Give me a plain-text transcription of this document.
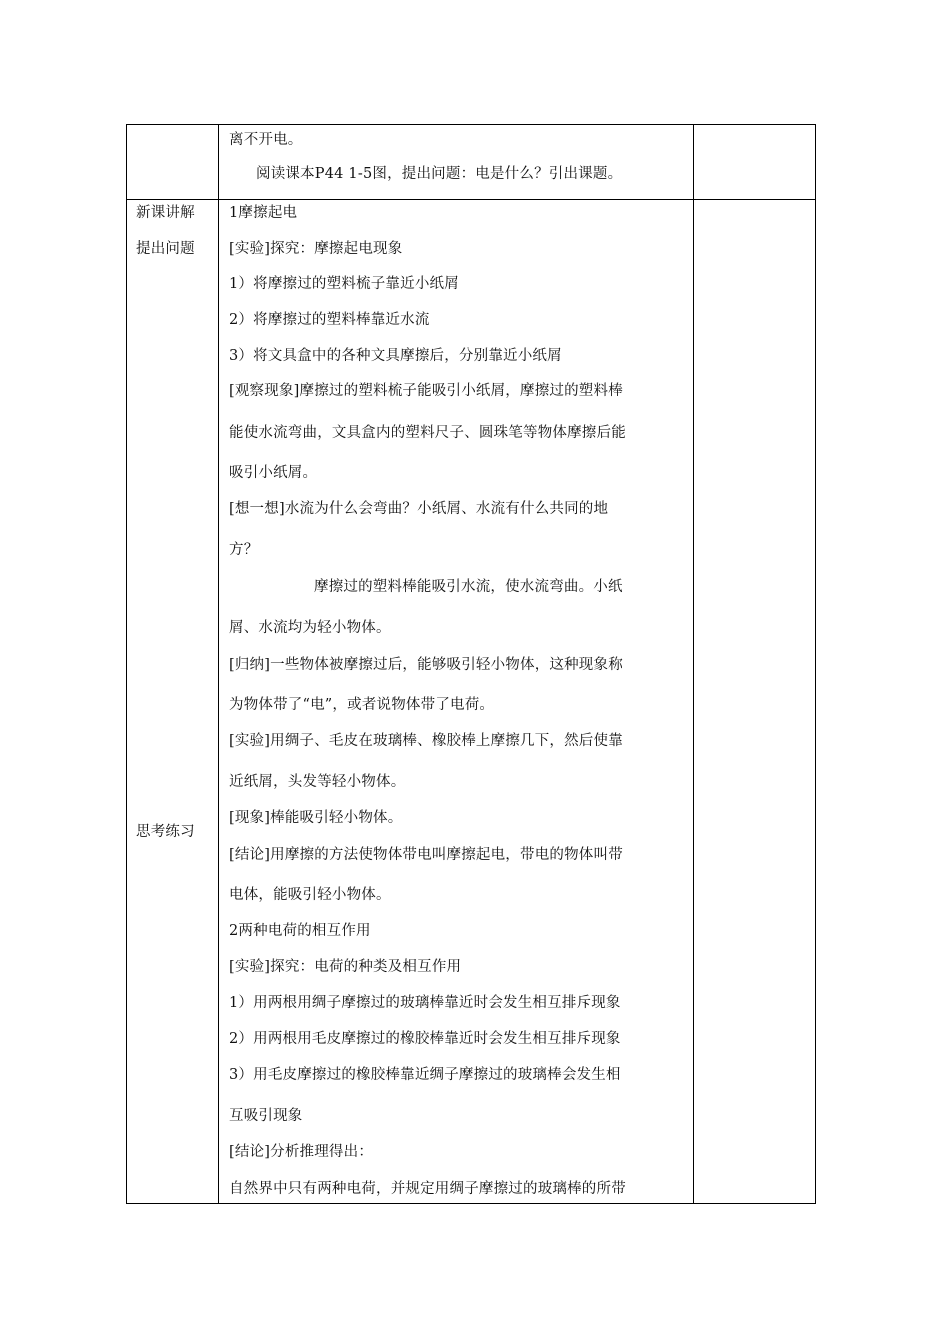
离不开电。
阅读课本P44 1-5图，提出问题：电是什么？引出课题。
新课讲解
提出问题
思考练习
1摩擦起电
[实验]探究：摩擦起电现象
1）将摩擦过的塑料梳子靠近小纸屑
2）将摩擦过的塑料棒靠近水流
3）将文具盒中的各种文具摩擦后，分别靠近小纸屑
[观察现象]摩擦过的塑料梳子能吸引小纸屑，摩擦过的塑料棒
能使水流弯曲，文具盒内的塑料尺子、圆珠笔等物体摩擦后能
吸引小纸屑。
[想一想]水流为什么会弯曲？小纸屑、水流有什么共同的地
方？
摩擦过的塑料棒能吸引水流，使水流弯曲。小纸
屑、水流均为轻小物体。
[归纳]一些物体被摩擦过后，能够吸引轻小物体，这种现象称
为物体带了“电”，或者说物体带了电荷。
[实验]用绸子、毛皮在玻璃棒、橡胶棒上摩擦几下，然后使靠
近纸屑，头发等轻小物体。
[现象]棒能吸引轻小物体。
[结论]用摩擦的方法使物体带电叫摩擦起电，带电的物体叫带
电体，能吸引轻小物体。
2两种电荷的相互作用
[实验]探究：电荷的种类及相互作用
1）用两根用绸子摩擦过的玻璃棒靠近时会发生相互排斥现象
2）用两根用毛皮摩擦过的橡胶棒靠近时会发生相互排斥现象
3）用毛皮摩擦过的橡胶棒靠近绸子摩擦过的玻璃棒会发生相
互吸引现象
[结论]分析推理得出：
自然界中只有两种电荷，并规定用绸子摩擦过的玻璃棒的所带
